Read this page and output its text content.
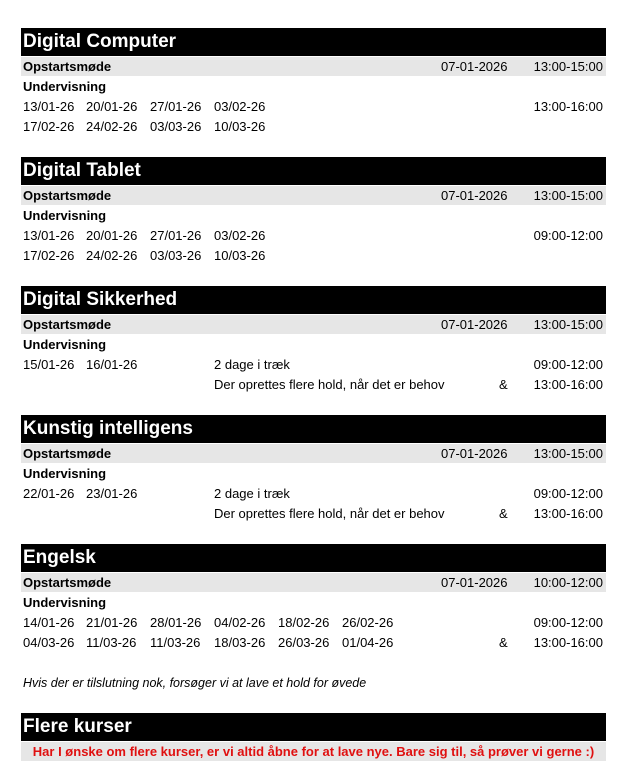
Digital Computer
Opstartsmøde	07-01-2026 13:00-15:00
Undervisning
13/01-26 20/01-26 27/01-26 03/02-26	13:00-16:00
17/02-26 24/02-26 03/03-26 10/03-26
Digital Tablet
Opstartsmøde	07-01-2026 13:00-15:00
Undervisning
13/01-26 20/01-26 27/01-26 03/02-26	09:00-12:00
17/02-26 24/02-26 03/03-26 10/03-26
Digital Sikkerhed
Opstartsmøde	07-01-2026 13:00-15:00
Undervisning
15/01-26 16/01-26	2 dage i træk	09:00-12:00
Der oprettes flere hold, når det er behov	& 13:00-16:00
Kunstig intelligens
Opstartsmøde	07-01-2026 13:00-15:00
Undervisning
22/01-26 23/01-26	2 dage i træk	09:00-12:00
Der oprettes flere hold, når det er behov	& 13:00-16:00
Engelsk
Opstartsmøde	07-01-2026 10:00-12:00
Undervisning
14/01-26 21/01-26 28/01-26 04/02-26 18/02-26 26/02-26	09:00-12:00
04/03-26 11/03-26 11/03-26 18/03-26 26/03-26 01/04-26	& 13:00-16:00
Hvis der er tilslutning nok, forsøger vi at lave et hold for øvede
Flere kurser
Har I ønske om flere kurser, er vi altid åbne for at lave nye. Bare sig til, så prøver vi gerne :)
